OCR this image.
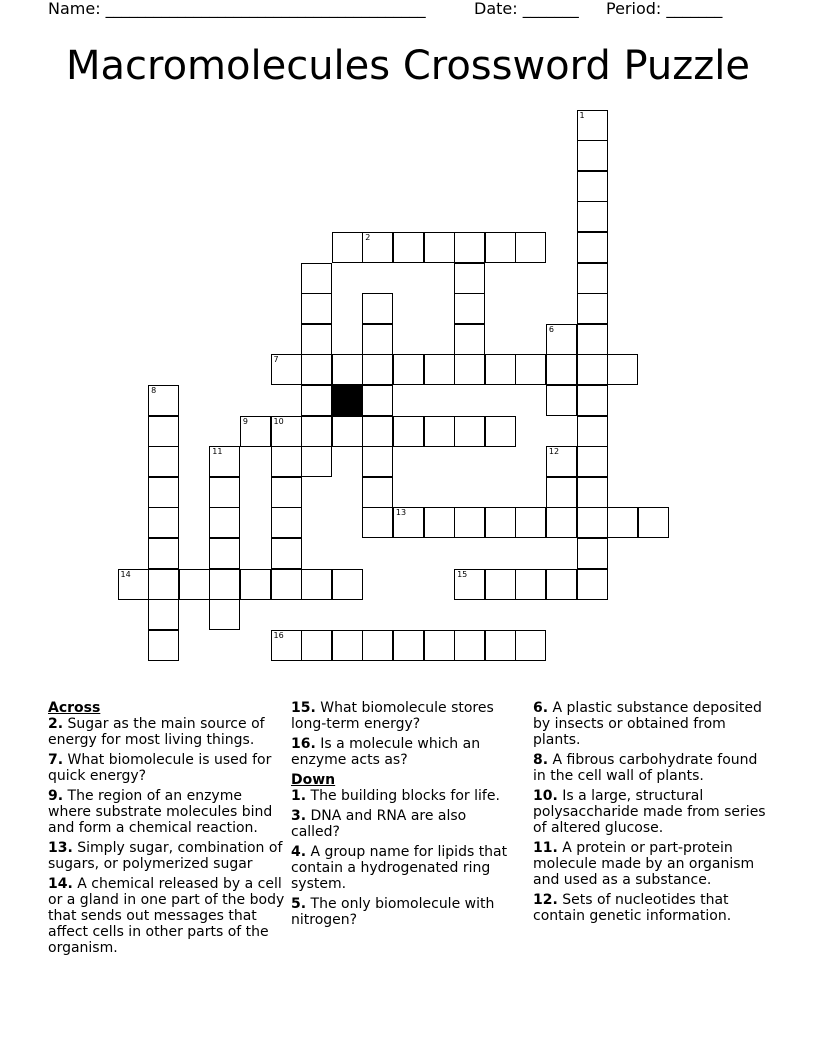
Name: ________________________________________	Date: _______ Period: _______
Macromolecules Crossword Puzzle
1
2
6
7
8
9	10
11	12
13
14	15
16
Across
2. Sugar as the main source of energy for most living things.
7. What biomolecule is used for quick energy?
9. The region of an enzyme where substrate molecules bind and form a chemical reaction.
13. Simply sugar, combination of sugars, or polymerized sugar
14. A chemical released by a cell or a gland in one part of the body that sends out messages that affect cells in other parts of the organism.
15. What biomolecule stores long-term energy?
16. Is a molecule which an enzyme acts as?
Down
1. The building blocks for life.
3. DNA and RNA are also called?
4. A group name for lipids that contain a hydrogenated ring system.
5. The only biomolecule with nitrogen?
6. A plastic substance deposited by insects or obtained from plants.
8. A fibrous carbohydrate found in the cell wall of plants.
10. Is a large, structural polysaccharide made from series of altered glucose.
11. A protein or part-protein molecule made by an organism and used as a substance.
12. Sets of nucleotides that contain genetic information.
